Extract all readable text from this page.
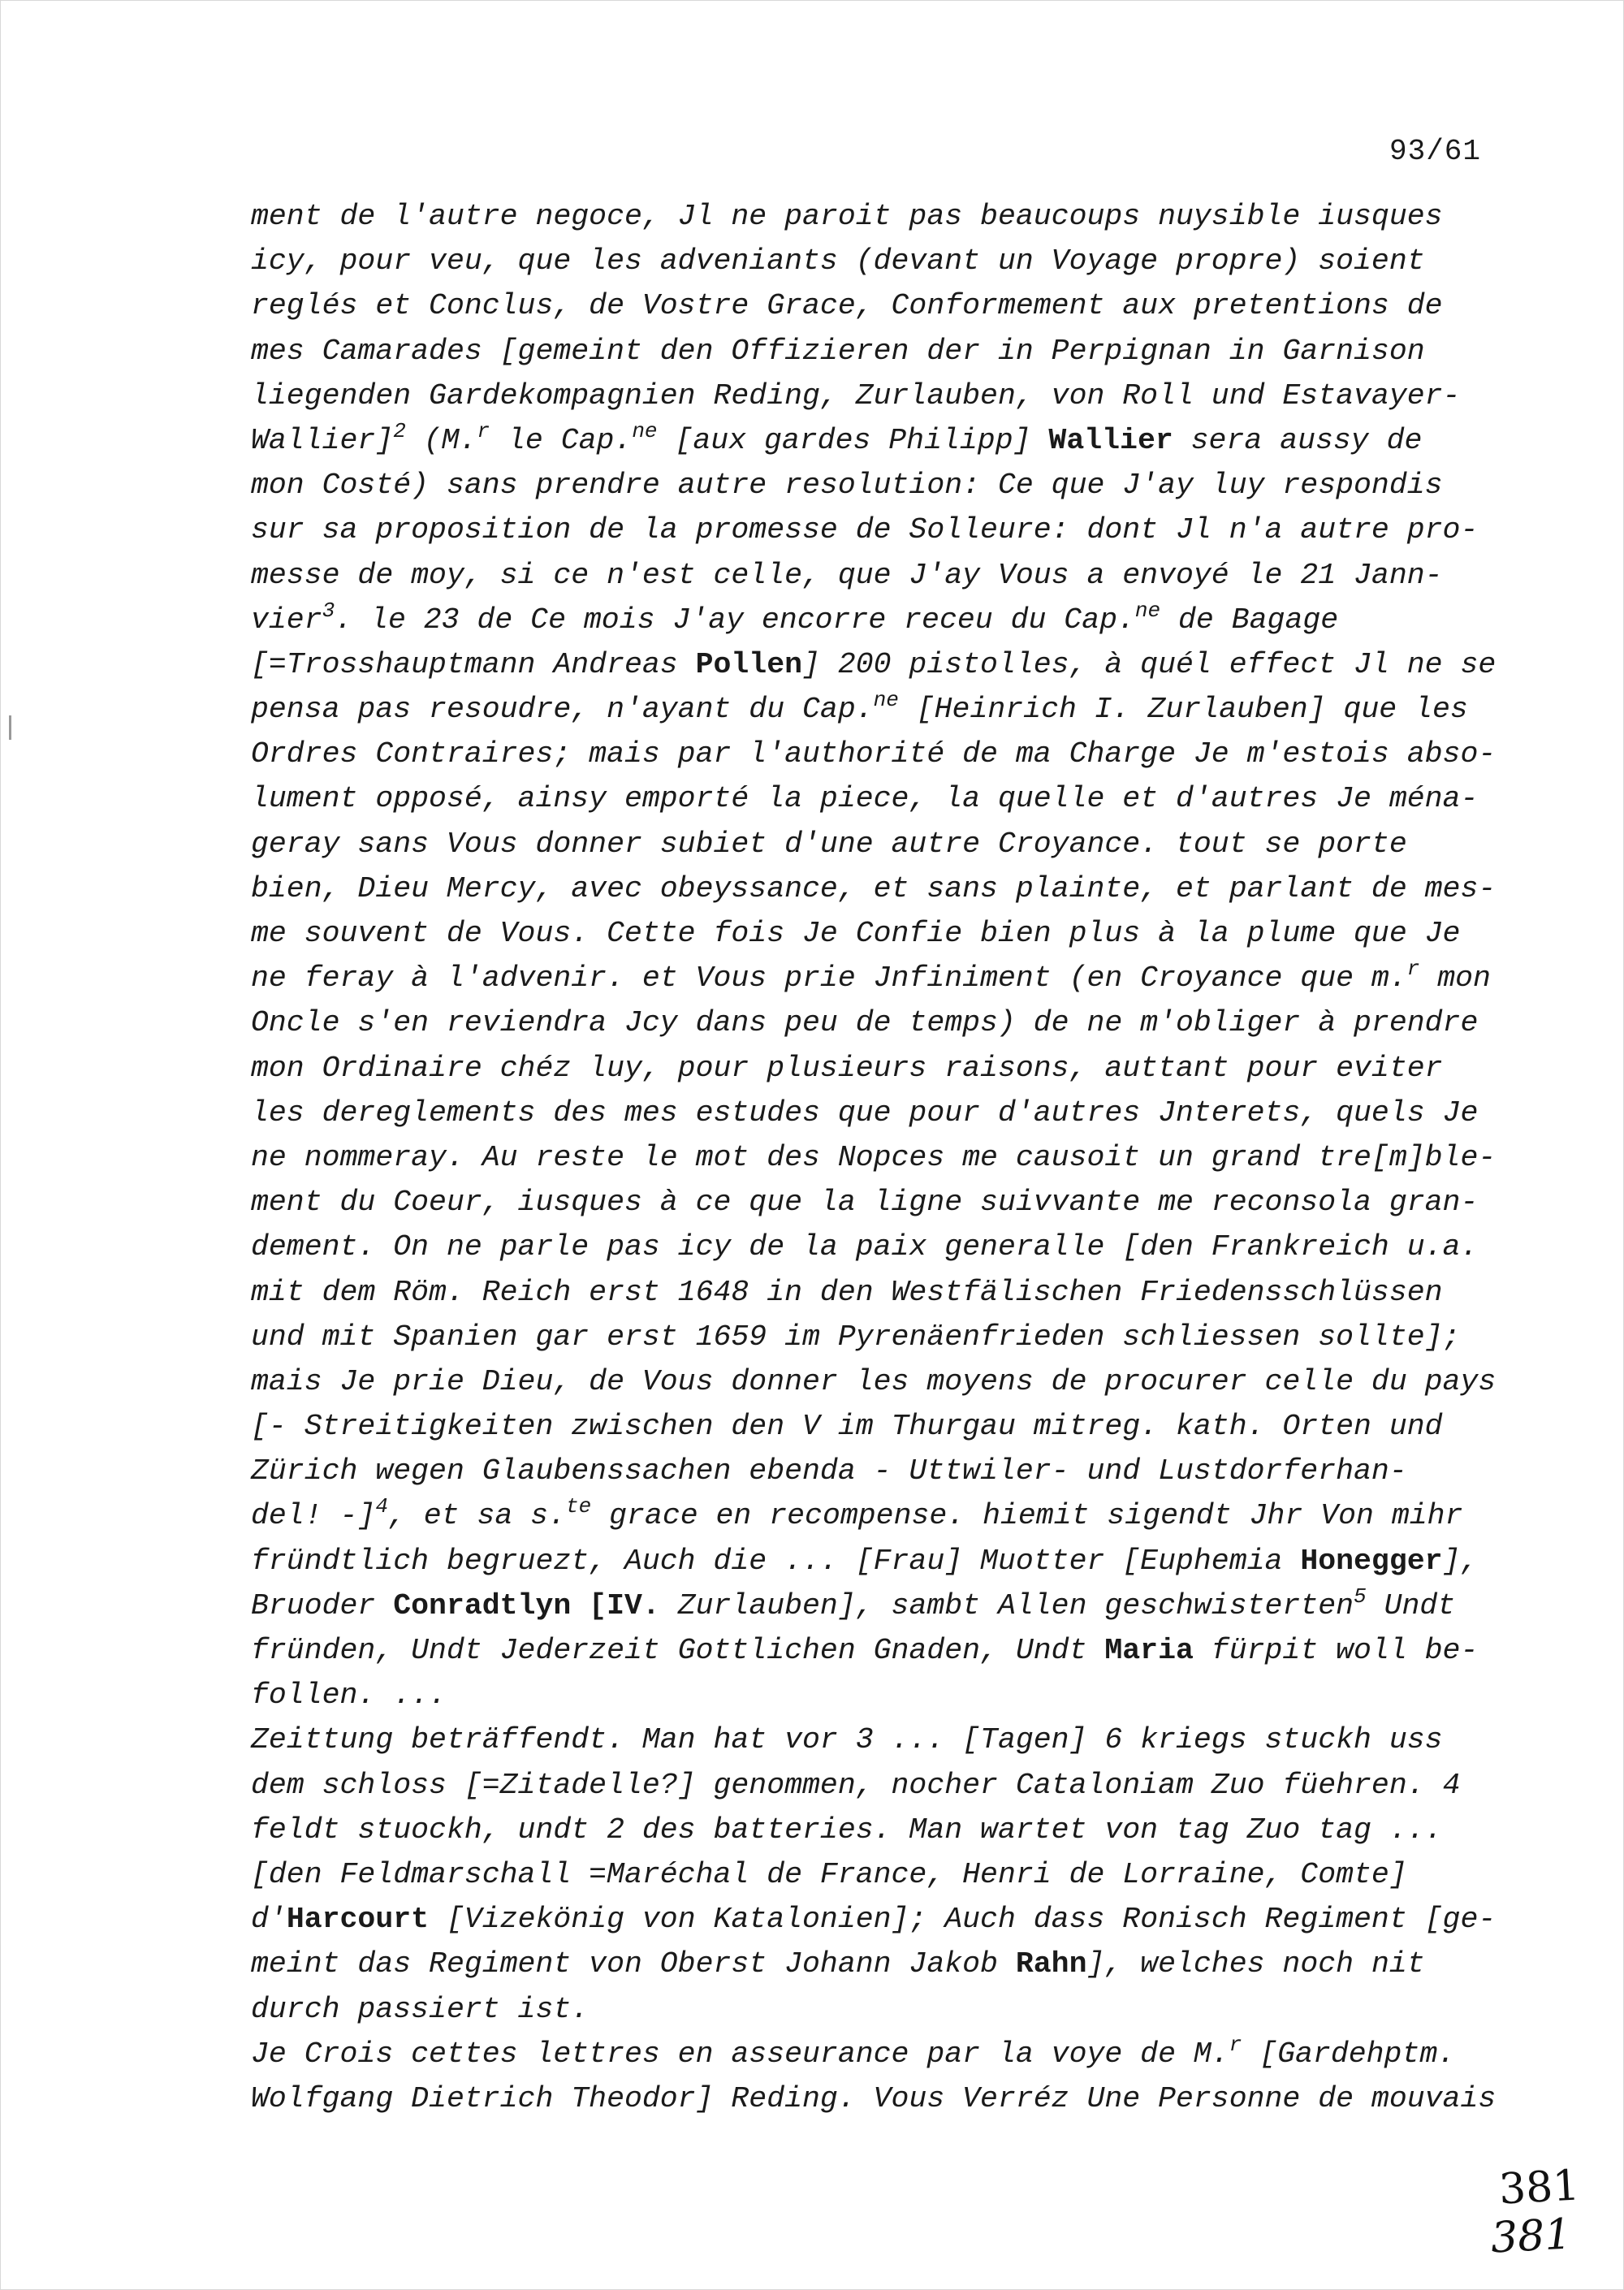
93/61
ment de l'autre negoce, Jl ne paroit pas beaucoups nuysible iusques
icy, pour veu, que les adveniants (devant un Voyage propre) soient
reglés et Conclus, de Vostre Grace, Conformement aux pretentions de
mes Camarades [gemeint den Offizieren der in Perpignan in Garnison
liegenden Gardekompagnien Reding, Zurlauben, von Roll und Estavayer-
Wallier]$^2$ (M.$^r$ le Cap.$^{ne}$ [aux gardes Philipp] Wallier sera aussy de
mon Costé) sans prendre autre resolution: Ce que J'ay luy respondis
sur sa proposition de la promesse de Solleure: dont Jl n'a autre pro-
messe de moy, si ce n'est celle, que J'ay Vous a envoyé le 21 Jann-
vier$^3$. le 23 de Ce mois J'ay encorre receu du Cap.$^{ne}$ de Bagage
[=Trosshauptmann Andreas Pollen] 200 pistolles, à quél effect Jl ne se
pensa pas resoudre, n'ayant du Cap.$^{ne}$ [Heinrich I. Zurlauben] que les
Ordres Contraires; mais par l'authorité de ma Charge Je m'estois abso-
lument opposé, ainsy emporté la piece, la quelle et d'autres Je ména-
geray sans Vous donner subiet d'une autre Croyance. tout se porte
bien, Dieu Mercy, avec obeyssance, et sans plainte, et parlant de mes-
me souvent de Vous. Cette fois Je Confie bien plus à la plume que Je
ne feray à l'advenir. et Vous prie Jnfiniment (en Croyance que m.$^r$ mon
Oncle s'en reviendra Jcy dans peu de temps) de ne m'obliger à prendre
mon Ordinaire chéz luy, pour plusieurs raisons, auttant pour eviter
les dereglements des mes estudes que pour d'autres Jnterets, quels Je
ne nommeray. Au reste le mot des Nopces me causoit un grand tre[m]ble-
ment du Coeur, iusques à ce que la ligne suivvante me reconsola gran-
dement. On ne parle pas icy de la paix generalle [den Frankreich u.a.
mit dem Röm. Reich erst 1648 in den Westfälischen Friedensschlüssen
und mit Spanien gar erst 1659 im Pyrenäenfrieden schliessen sollte];
mais Je prie Dieu, de Vous donner les moyens de procurer celle du pays
[- Streitigkeiten zwischen den V im Thurgau mitreg. kath. Orten und
Zürich wegen Glaubenssachen ebenda - Uttwiler- und Lustdorferhan-
del! -]$^4$, et sa s.$^{te}$ grace en recompense. hiemit sigendt Jhr Von mihr
fründtlich begruezt, Auch die ... [Frau] Muotter [Euphemia Honegger],
Bruoder Conradtlyn [IV. Zurlauben], sambt Allen geschwisterten$^5$ Undt
fründen, Undt Jederzeit Gottlichen Gnaden, Undt Maria fürpit woll be-
follen. ...
Zeittung beträffendt. Man hat vor 3 ... [Tagen] 6 kriegs stuckh uss
dem schloss [=Zitadelle?] genommen, nocher Cataloniam Zuo füehren. 4
feldt stuockh, undt 2 des batteries. Man wartet von tag Zuo tag ...
[den Feldmarschall =Maréchal de France, Henri de Lorraine, Comte]
d'Harcourt [Vizekönig von Katalonien]; Auch dass Ronisch Regiment [ge-
meint das Regiment von Oberst Johann Jakob Rahn], welches noch nit
durch passiert ist.
Je Crois cettes lettres en asseurance par la voye de M.$^r$ [Gardehptm.
Wolfgang Dietrich Theodor] Reding. Vous Verréz Une Personne de mouvais
381
381
